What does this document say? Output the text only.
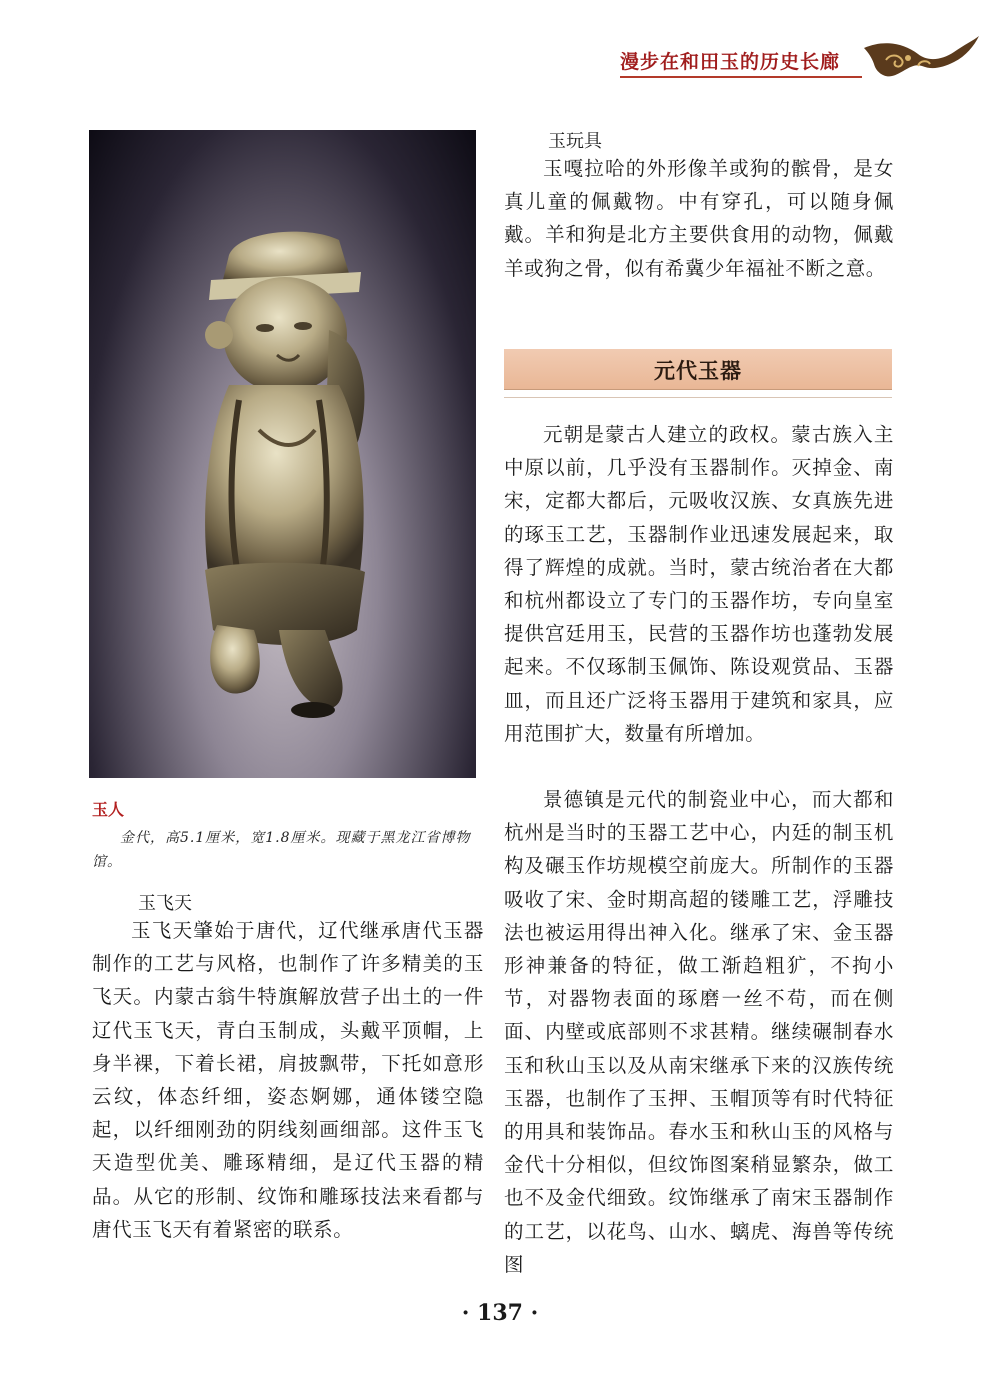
漫步在和田玉的历史长廊
玉人
金代，高5.1厘米，宽1.8厘米。现藏于黑龙江省博物馆。
玉飞天
玉飞天肇始于唐代，辽代继承唐代玉器制作的工艺与风格，也制作了许多精美的玉飞天。内蒙古翁牛特旗解放营子出土的一件辽代玉飞天，青白玉制成，头戴平顶帽，上身半裸，下着长裙，肩披飘带，下托如意形云纹，体态纤细，姿态婀娜，通体镂空隐起，以纤细刚劲的阴线刻画细部。这件玉飞天造型优美、雕琢精细，是辽代玉器的精品。从它的形制、纹饰和雕琢技法来看都与唐代玉飞天有着紧密的联系。
玉玩具
玉嘎拉哈的外形像羊或狗的髌骨，是女真儿童的佩戴物。中有穿孔，可以随身佩戴。羊和狗是北方主要供食用的动物，佩戴羊或狗之骨，似有希冀少年福祉不断之意。
元代玉器
元朝是蒙古人建立的政权。蒙古族入主中原以前，几乎没有玉器制作。灭掉金、南宋，定都大都后，元吸收汉族、女真族先进的琢玉工艺，玉器制作业迅速发展起来，取得了辉煌的成就。当时，蒙古统治者在大都和杭州都设立了专门的玉器作坊，专向皇室提供宫廷用玉，民营的玉器作坊也蓬勃发展起来。不仅琢制玉佩饰、陈设观赏品、玉器皿，而且还广泛将玉器用于建筑和家具，应用范围扩大，数量有所增加。
景德镇是元代的制瓷业中心，而大都和杭州是当时的玉器工艺中心，内廷的制玉机构及碾玉作坊规模空前庞大。所制作的玉器吸收了宋、金时期高超的镂雕工艺，浮雕技法也被运用得出神入化。继承了宋、金玉器形神兼备的特征，做工渐趋粗犷，不拘小节，对器物表面的琢磨一丝不苟，而在侧面、内壁或底部则不求甚精。继续碾制春水玉和秋山玉以及从南宋继承下来的汉族传统玉器，也制作了玉押、玉帽顶等有时代特征的用具和装饰品。春水玉和秋山玉的风格与金代十分相似，但纹饰图案稍显繁杂，做工也不及金代细致。纹饰继承了南宋玉器制作的工艺，以花鸟、山水、螭虎、海兽等传统图
· 137 ·
